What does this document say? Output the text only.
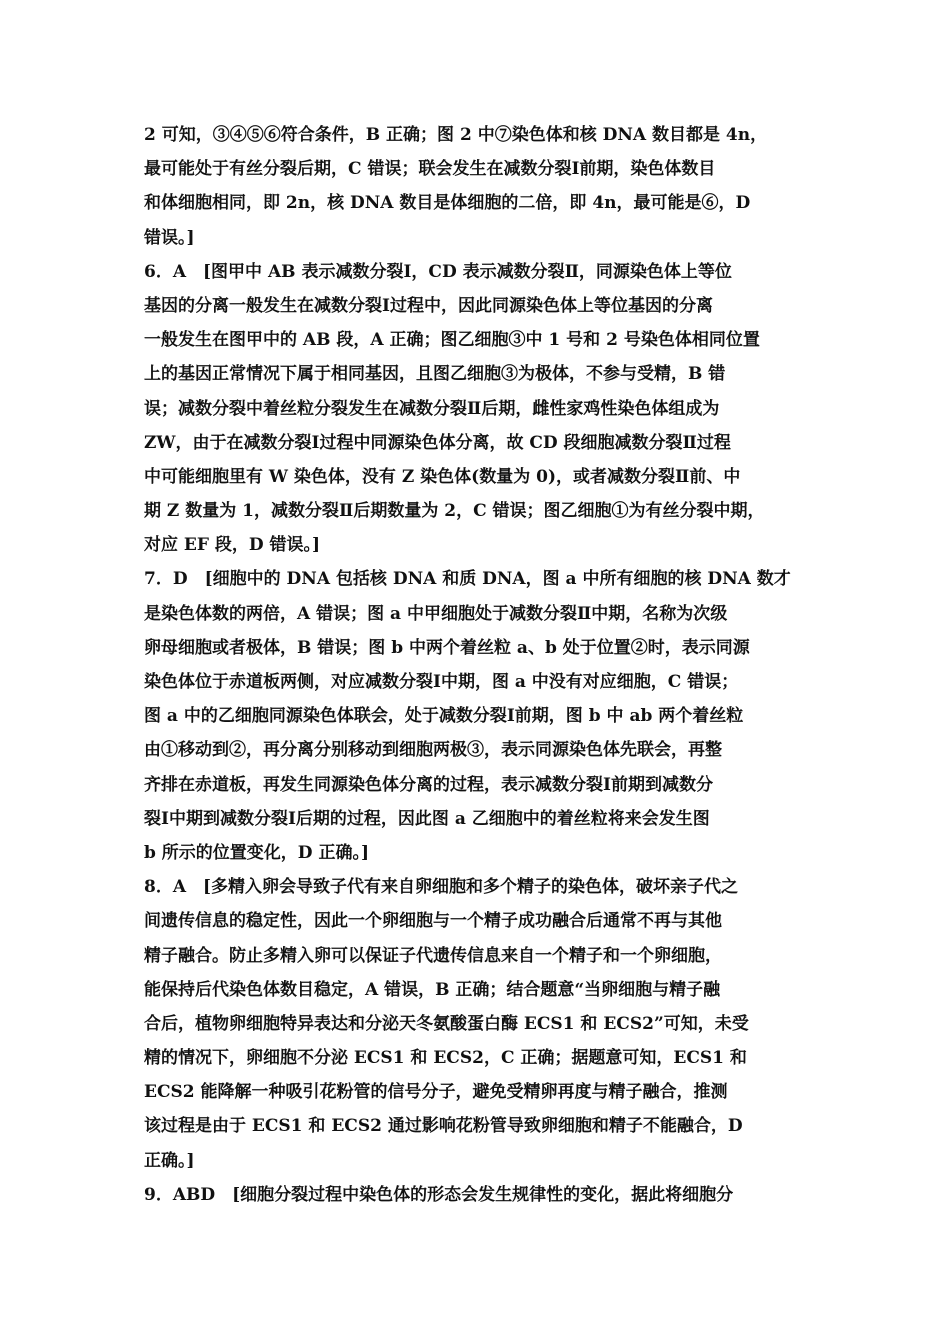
2 可知，③④⑤⑥符合条件，B 正确；图 2 中⑦染色体和核 DNA 数目都是 4n，
最可能处于有丝分裂后期，C 错误；联会发生在减数分裂Ⅰ前期，染色体数目
和体细胞相同，即 2n，核 DNA 数目是体细胞的二倍，即 4n，最可能是⑥，D
错误。]
6．A　[图甲中 AB 表示减数分裂Ⅰ，CD 表示减数分裂Ⅱ，同源染色体上等位
基因的分离一般发生在减数分裂Ⅰ过程中，因此同源染色体上等位基因的分离
一般发生在图甲中的 AB 段，A 正确；图乙细胞③中 1 号和 2 号染色体相同位置
上的基因正常情况下属于相同基因，且图乙细胞③为极体，不参与受精，B 错
误；减数分裂中着丝粒分裂发生在减数分裂Ⅱ后期，雌性家鸡性染色体组成为
ZW，由于在减数分裂Ⅰ过程中同源染色体分离，故 CD 段细胞减数分裂Ⅱ过程
中可能细胞里有 W 染色体，没有 Z 染色体(数量为 0)，或者减数分裂Ⅱ前、中
期 Z 数量为 1，减数分裂Ⅱ后期数量为 2，C 错误；图乙细胞①为有丝分裂中期，
对应 EF 段，D 错误。]
7．D　[细胞中的 DNA 包括核 DNA 和质 DNA，图 a 中所有细胞的核 DNA 数才
是染色体数的两倍，A 错误；图 a 中甲细胞处于减数分裂Ⅱ中期，名称为次级
卵母细胞或者极体，B 错误；图 b 中两个着丝粒 a、b 处于位置②时，表示同源
染色体位于赤道板两侧，对应减数分裂Ⅰ中期，图 a 中没有对应细胞，C 错误；
图 a 中的乙细胞同源染色体联会，处于减数分裂Ⅰ前期，图 b 中 ab 两个着丝粒
由①移动到②，再分离分别移动到细胞两极③，表示同源染色体先联会，再整
齐排在赤道板，再发生同源染色体分离的过程，表示减数分裂Ⅰ前期到减数分
裂Ⅰ中期到减数分裂Ⅰ后期的过程，因此图 a 乙细胞中的着丝粒将来会发生图
b 所示的位置变化，D 正确。]
8．A　[多精入卵会导致子代有来自卵细胞和多个精子的染色体，破坏亲子代之
间遗传信息的稳定性，因此一个卵细胞与一个精子成功融合后通常不再与其他
精子融合。防止多精入卵可以保证子代遗传信息来自一个精子和一个卵细胞，
能保持后代染色体数目稳定，A 错误，B 正确；结合题意“当卵细胞与精子融
合后，植物卵细胞特异表达和分泌天冬氨酸蛋白酶 ECS1 和 ECS2”可知，未受
精的情况下，卵细胞不分泌 ECS1 和 ECS2，C 正确；据题意可知，ECS1 和
ECS2 能降解一种吸引花粉管的信号分子，避免受精卵再度与精子融合，推测
该过程是由于 ECS1 和 ECS2 通过影响花粉管导致卵细胞和精子不能融合，D
正确。]
9．ABD　[细胞分裂过程中染色体的形态会发生规律性的变化，据此将细胞分
